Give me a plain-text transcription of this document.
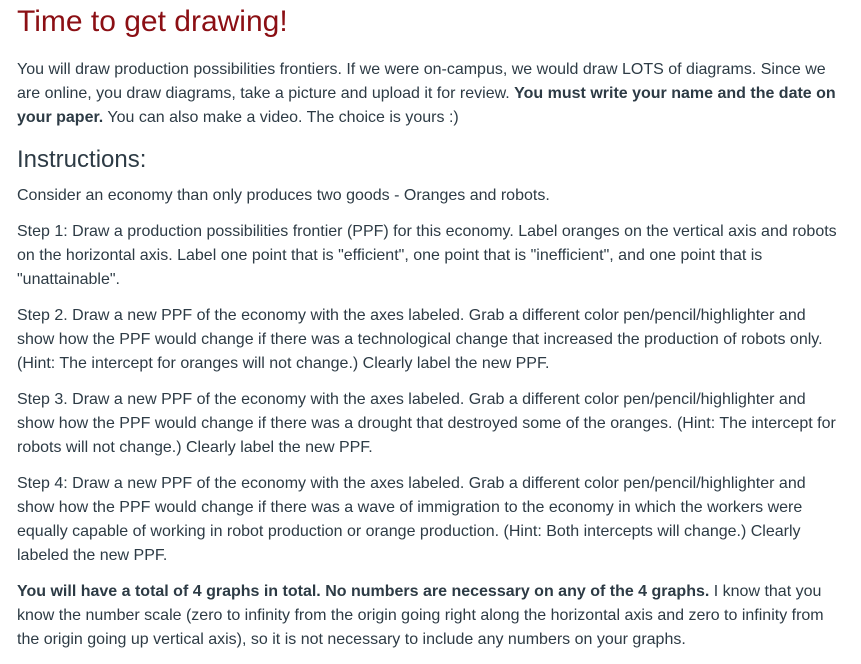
Time to get drawing!

You will draw production possibilities frontiers. If we were on-campus, we would draw LOTS of diagrams. Since we are online, you draw diagrams, take a picture and upload it for review. You must write your name and the date on your paper. You can also make a video. The choice is yours :)

Instructions:

Consider an economy than only produces two goods - Oranges and robots.

Step 1: Draw a production possibilities frontier (PPF) for this economy. Label oranges on the vertical axis and robots on the horizontal axis. Label one point that is "efficient", one point that is "inefficient", and one point that is "unattainable".

Step 2. Draw a new PPF of the economy with the axes labeled. Grab a different color pen/pencil/highlighter and show how the PPF would change if there was a technological change that increased the production of robots only. (Hint: The intercept for oranges will not change.) Clearly label the new PPF.

Step 3. Draw a new PPF of the economy with the axes labeled. Grab a different color pen/pencil/highlighter and show how the PPF would change if there was a drought that destroyed some of the oranges. (Hint: The intercept for robots will not change.) Clearly label the new PPF.

Step 4: Draw a new PPF of the economy with the axes labeled. Grab a different color pen/pencil/highlighter and show how the PPF would change if there was a wave of immigration to the economy in which the workers were equally capable of working in robot production or orange production. (Hint: Both intercepts will change.) Clearly labeled the new PPF.

You will have a total of 4 graphs in total. No numbers are necessary on any of the 4 graphs. I know that you know the number scale (zero to infinity from the origin going right along the horizontal axis and zero to infinity from the origin going up vertical axis), so it is not necessary to include any numbers on your graphs.
